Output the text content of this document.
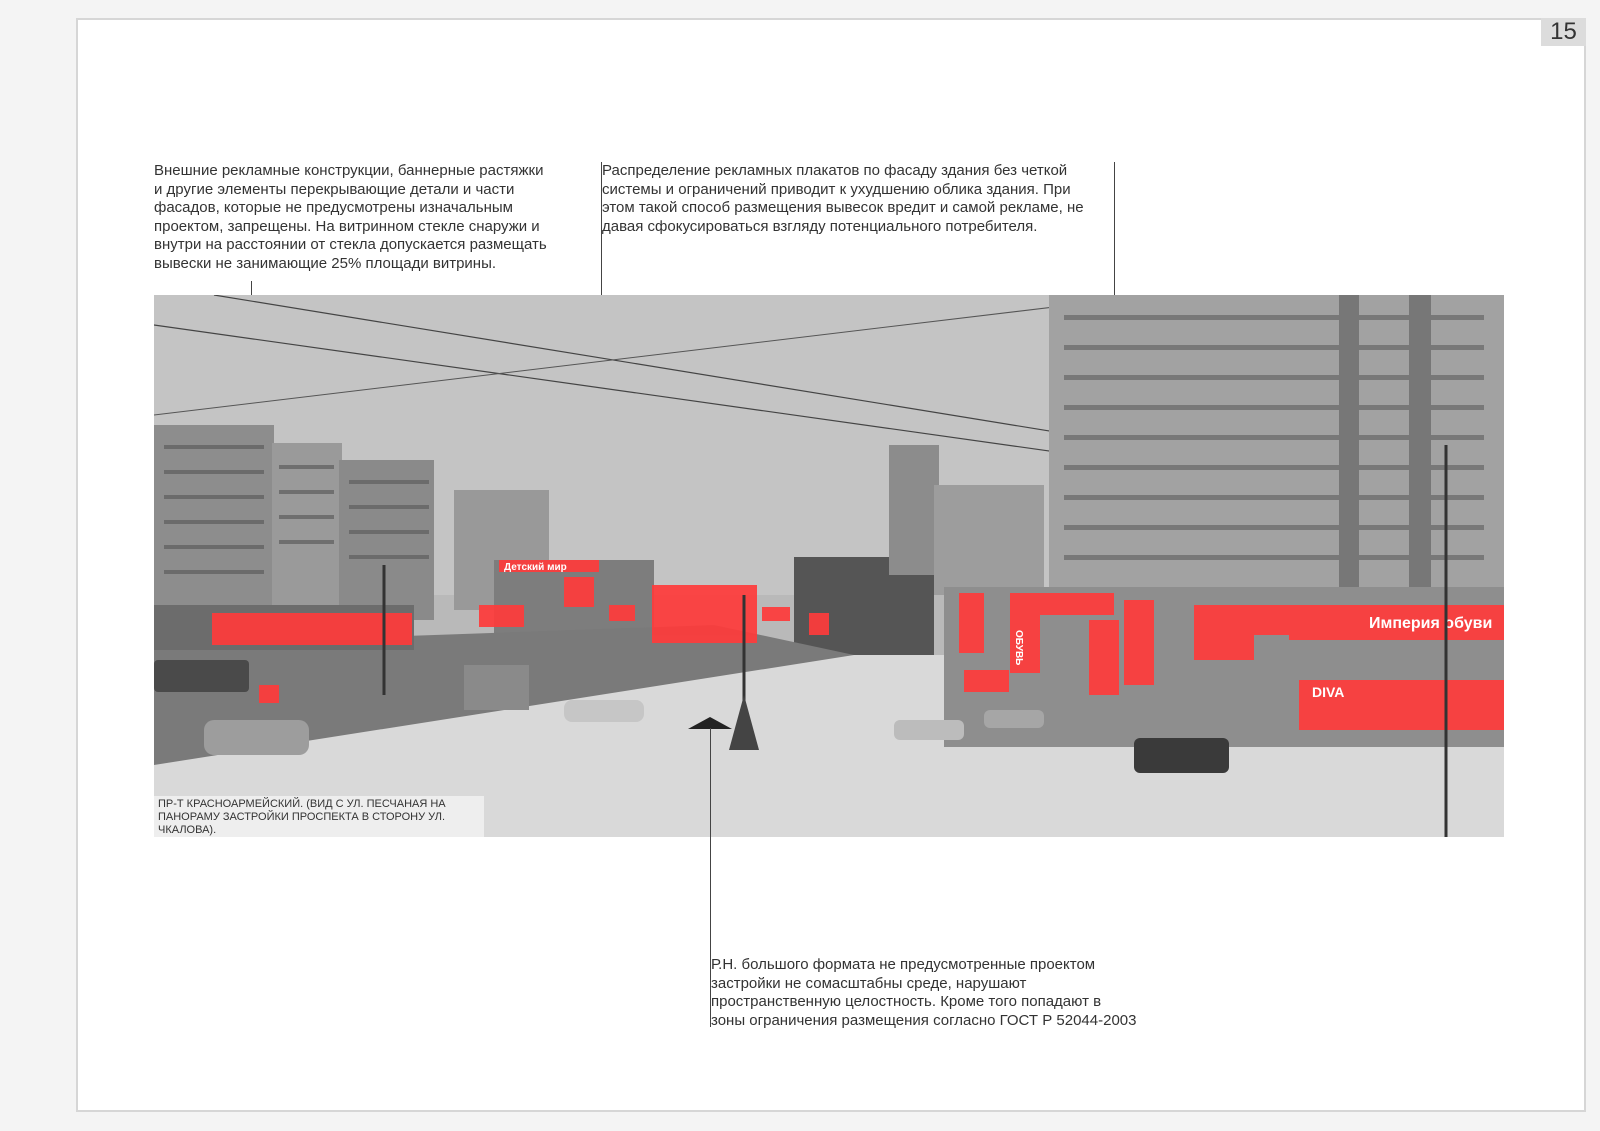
15
Внешние рекламные конструкции, баннерные растяжки
и другие элементы перекрывающие детали и части
фасадов, которые не предусмотрены изначальным
проектом, запрещены. На витринном стекле снаружи и
внутри на расстоянии от стекла допускается размещать
вывески не занимающие 25% площади витрины.
Распределение рекламных плакатов по фасаду здания без четкой
системы и ограничений приводит к ухудшению облика здания. При
этом такой способ размещения вывесок вредит и самой рекламе, не
давая сфокусироваться взгляду потенциального потребителя.
Детский мир
Империя обуви
ОБУВЬ
DIVA
ПР-Т КРАСНОАРМЕЙСКИЙ. (ВИД С УЛ. ПЕСЧАНАЯ НА
ПАНОРАМУ ЗАСТРОЙКИ ПРОСПЕКТА В СТОРОНУ УЛ.
ЧКАЛОВА).
Р.Н. большого формата не предусмотренные проектом
застройки не сомасштабны среде, нарушают
пространственную целостность. Кроме того попадают в
зоны ограничения размещения согласно ГОСТ Р 52044-2003
